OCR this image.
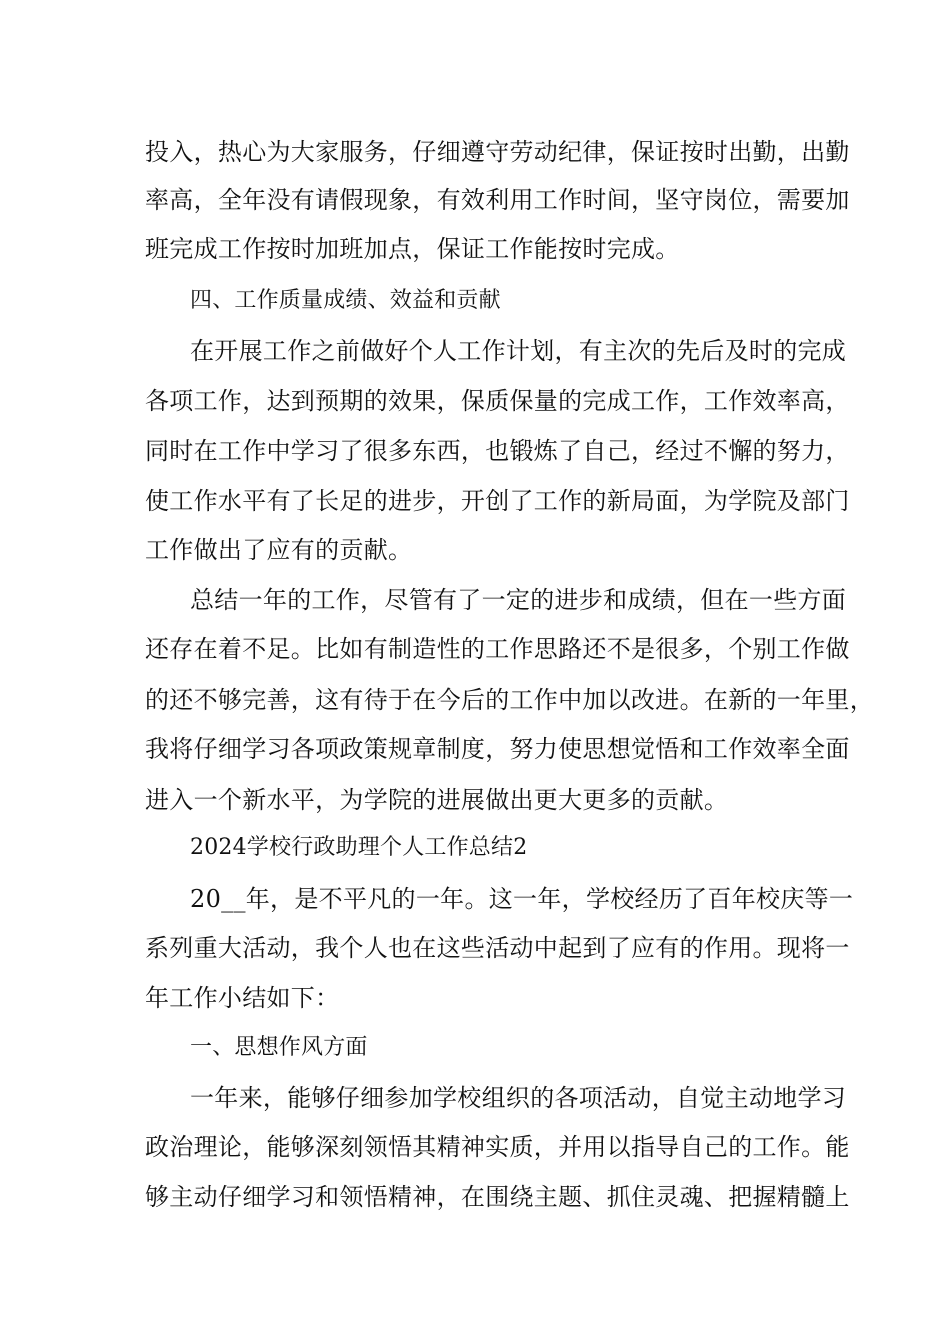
投入，热心为大家服务，仔细遵守劳动纪律，保证按时出勤，出勤
率高，全年没有请假现象，有效利用工作时间，坚守岗位，需要加
班完成工作按时加班加点，保证工作能按时完成。
四、工作质量成绩、效益和贡献
在开展工作之前做好个人工作计划，有主次的先后及时的完成
各项工作，达到预期的效果，保质保量的完成工作，工作效率高，
同时在工作中学习了很多东西，也锻炼了自己，经过不懈的努力，
使工作水平有了长足的进步，开创了工作的新局面，为学院及部门
工作做出了应有的贡献。
总结一年的工作，尽管有了一定的进步和成绩，但在一些方面
还存在着不足。比如有制造性的工作思路还不是很多，个别工作做
的还不够完善，这有待于在今后的工作中加以改进。在新的一年里，
我将仔细学习各项政策规章制度，努力使思想觉悟和工作效率全面
进入一个新水平，为学院的进展做出更大更多的贡献。
2024学校行政助理个人工作总结2
20__年，是不平凡的一年。这一年，学校经历了百年校庆等一
系列重大活动，我个人也在这些活动中起到了应有的作用。现将一
年工作小结如下：
一、思想作风方面
一年来，能够仔细参加学校组织的各项活动，自觉主动地学习
政治理论，能够深刻领悟其精神实质，并用以指导自己的工作。能
够主动仔细学习和领悟精神，在围绕主题、抓住灵魂、把握精髓上
